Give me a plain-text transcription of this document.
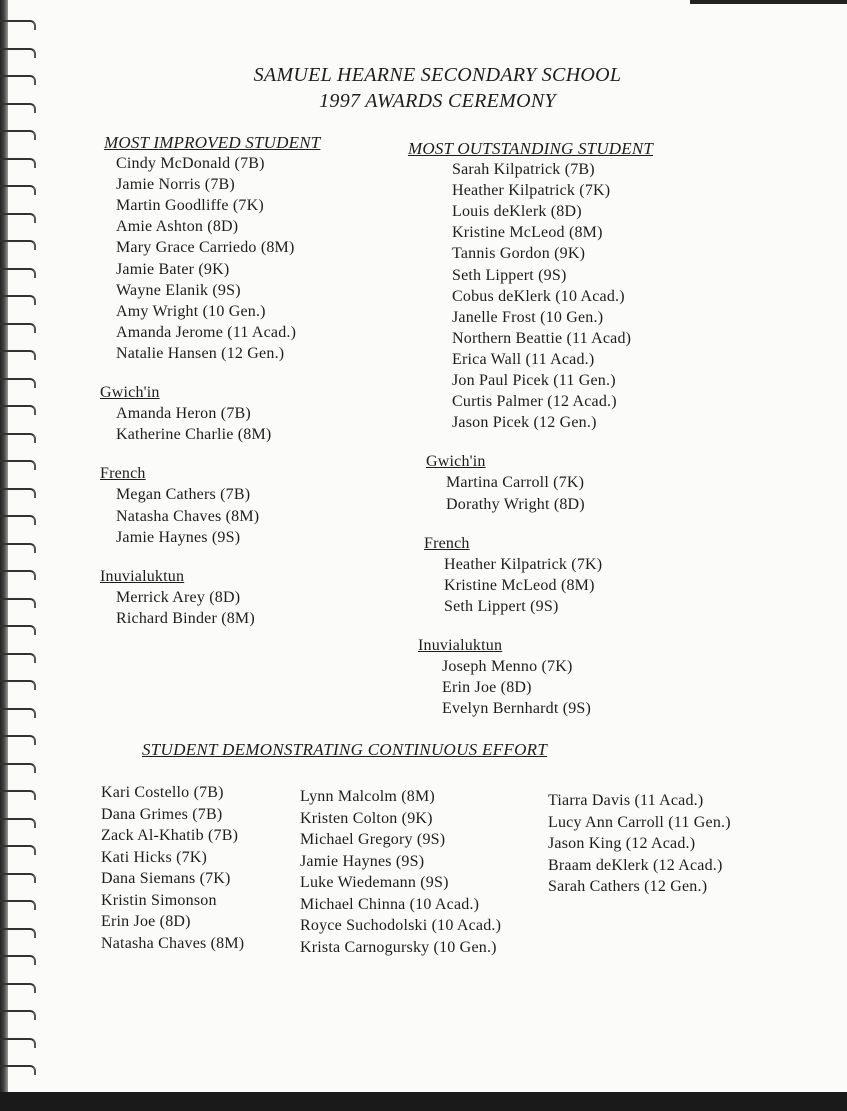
SAMUEL HEARNE SECONDARY SCHOOL
1997 AWARDS CEREMONY
MOST IMPROVED STUDENT
Cindy McDonald (7B)
Jamie Norris (7B)
Martin Goodliffe (7K)
Amie Ashton (8D)
Mary Grace Carriedo (8M)
Jamie Bater (9K)
Wayne Elanik (9S)
Amy Wright (10 Gen.)
Amanda Jerome (11 Acad.)
Natalie Hansen (12 Gen.)
Gwich'in
Amanda Heron (7B)
Katherine Charlie (8M)
French
Megan Cathers (7B)
Natasha Chaves (8M)
Jamie Haynes (9S)
Inuvialuktun
Merrick Arey (8D)
Richard Binder (8M)
MOST OUTSTANDING STUDENT
Sarah Kilpatrick (7B)
Heather Kilpatrick (7K)
Louis deKlerk (8D)
Kristine McLeod (8M)
Tannis Gordon (9K)
Seth Lippert (9S)
Cobus deKlerk (10 Acad.)
Janelle Frost (10 Gen.)
Northern Beattie (11 Acad)
Erica Wall (11 Acad.)
Jon Paul Picek (11 Gen.)
Curtis Palmer (12 Acad.)
Jason Picek (12 Gen.)
Gwich'in
Martina Carroll (7K)
Dorathy Wright (8D)
French
Heather Kilpatrick (7K)
Kristine McLeod (8M)
Seth Lippert (9S)
Inuvialuktun
Joseph Menno (7K)
Erin Joe (8D)
Evelyn Bernhardt (9S)
STUDENT DEMONSTRATING CONTINUOUS EFFORT
Kari Costello (7B)
Dana Grimes (7B)
Zack Al-Khatib (7B)
Kati Hicks (7K)
Dana Siemans (7K)
Kristin Simonson
Erin Joe (8D)
Natasha Chaves (8M)
Lynn Malcolm (8M)
Kristen Colton (9K)
Michael Gregory (9S)
Jamie Haynes (9S)
Luke Wiedemann (9S)
Michael Chinna (10 Acad.)
Royce Suchodolski (10 Acad.)
Krista Carnogursky (10 Gen.)
Tiarra Davis (11 Acad.)
Lucy Ann Carroll (11 Gen.)
Jason King (12 Acad.)
Braam deKlerk (12 Acad.)
Sarah Cathers (12 Gen.)
